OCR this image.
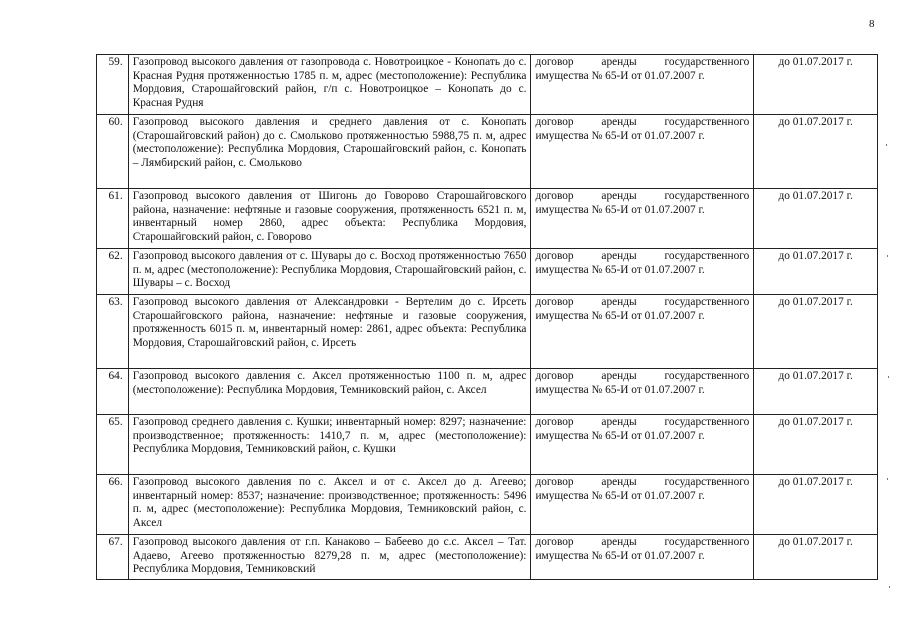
8
59.	Газопровод высокого давления от газопровода с. Новотроицкое - Конопать до с. Красная Рудня протяженностью 1785 п. м, адрес (местоположение): Республика Мордовия, Старошайговский район, г/п с. Новотроицкое – Конопать до с. Красная Рудня	договор аренды государственного имущества № 65-И от 01.07.2007 г.	до 01.07.2017 г.
60.	Газопровод высокого давления и среднего давления от с. Конопать (Старошайговский район) до с. Смольково протяженностью 5988,75 п. м, адрес (местоположение): Республика Мордовия, Старошайговский район, с. Конопать – Лямбирский район, с. Смольково	договор аренды государственного имущества № 65-И от 01.07.2007 г.	до 01.07.2017 г.
61.	Газопровод высокого давления от Шигонь до Говорово Старошайговского района, назначение: нефтяные и газовые сооружения, протяженность 6521 п. м, инвентарный номер 2860, адрес объекта: Республика Мордовия, Старошайговский район, с. Говорово	договор аренды государственного имущества № 65-И от 01.07.2007 г.	до 01.07.2017 г.
62.	Газопровод высокого давления от с. Шувары до с. Восход протяженностью 7650 п. м, адрес (местоположение): Республика Мордовия, Старошайговский район, с. Шувары – с. Восход	договор аренды государственного имущества № 65-И от 01.07.2007 г.	до 01.07.2017 г.
63.	Газопровод высокого давления от Александровки - Вертелим до с. Ирсеть Старошайговского района, назначение: нефтяные и газовые сооружения, протяженность 6015 п. м, инвентарный номер: 2861, адрес объекта: Республика Мордовия, Старошайговский район, с. Ирсеть	договор аренды государственного имущества № 65-И от 01.07.2007 г.	до 01.07.2017 г.
64.	Газопровод высокого давления с. Аксел протяженностью 1100 п. м, адрес (местоположение): Республика Мордовия, Темниковский район, с. Аксел	договор аренды государственного имущества № 65-И от 01.07.2007 г.	до 01.07.2017 г.
65.	Газопровод среднего давления с. Кушки; инвентарный номер: 8297; назначение: производственное; протяженность: 1410,7 п. м, адрес (местоположение): Республика Мордовия, Темниковский район, с. Кушки	договор аренды государственного имущества № 65-И от 01.07.2007 г.	до 01.07.2017 г.
66.	Газопровод высокого давления по с. Аксел и от с. Аксел до д. Агеево; инвентарный номер: 8537; назначение: производственное; протяженность: 5496 п. м, адрес (местоположение): Республика Мордовия, Темниковский район, с. Аксел	договор аренды государственного имущества № 65-И от 01.07.2007 г.	до 01.07.2017 г.
67.	Газопровод высокого давления от г.п. Канаково – Бабеево до с.с. Аксел – Тат. Адаево, Агеево протяженностью 8279,28 п. м, адрес (местоположение): Республика Мордовия, Темниковский	договор аренды государственного имущества № 65-И от 01.07.2007 г.	до 01.07.2017 г.
